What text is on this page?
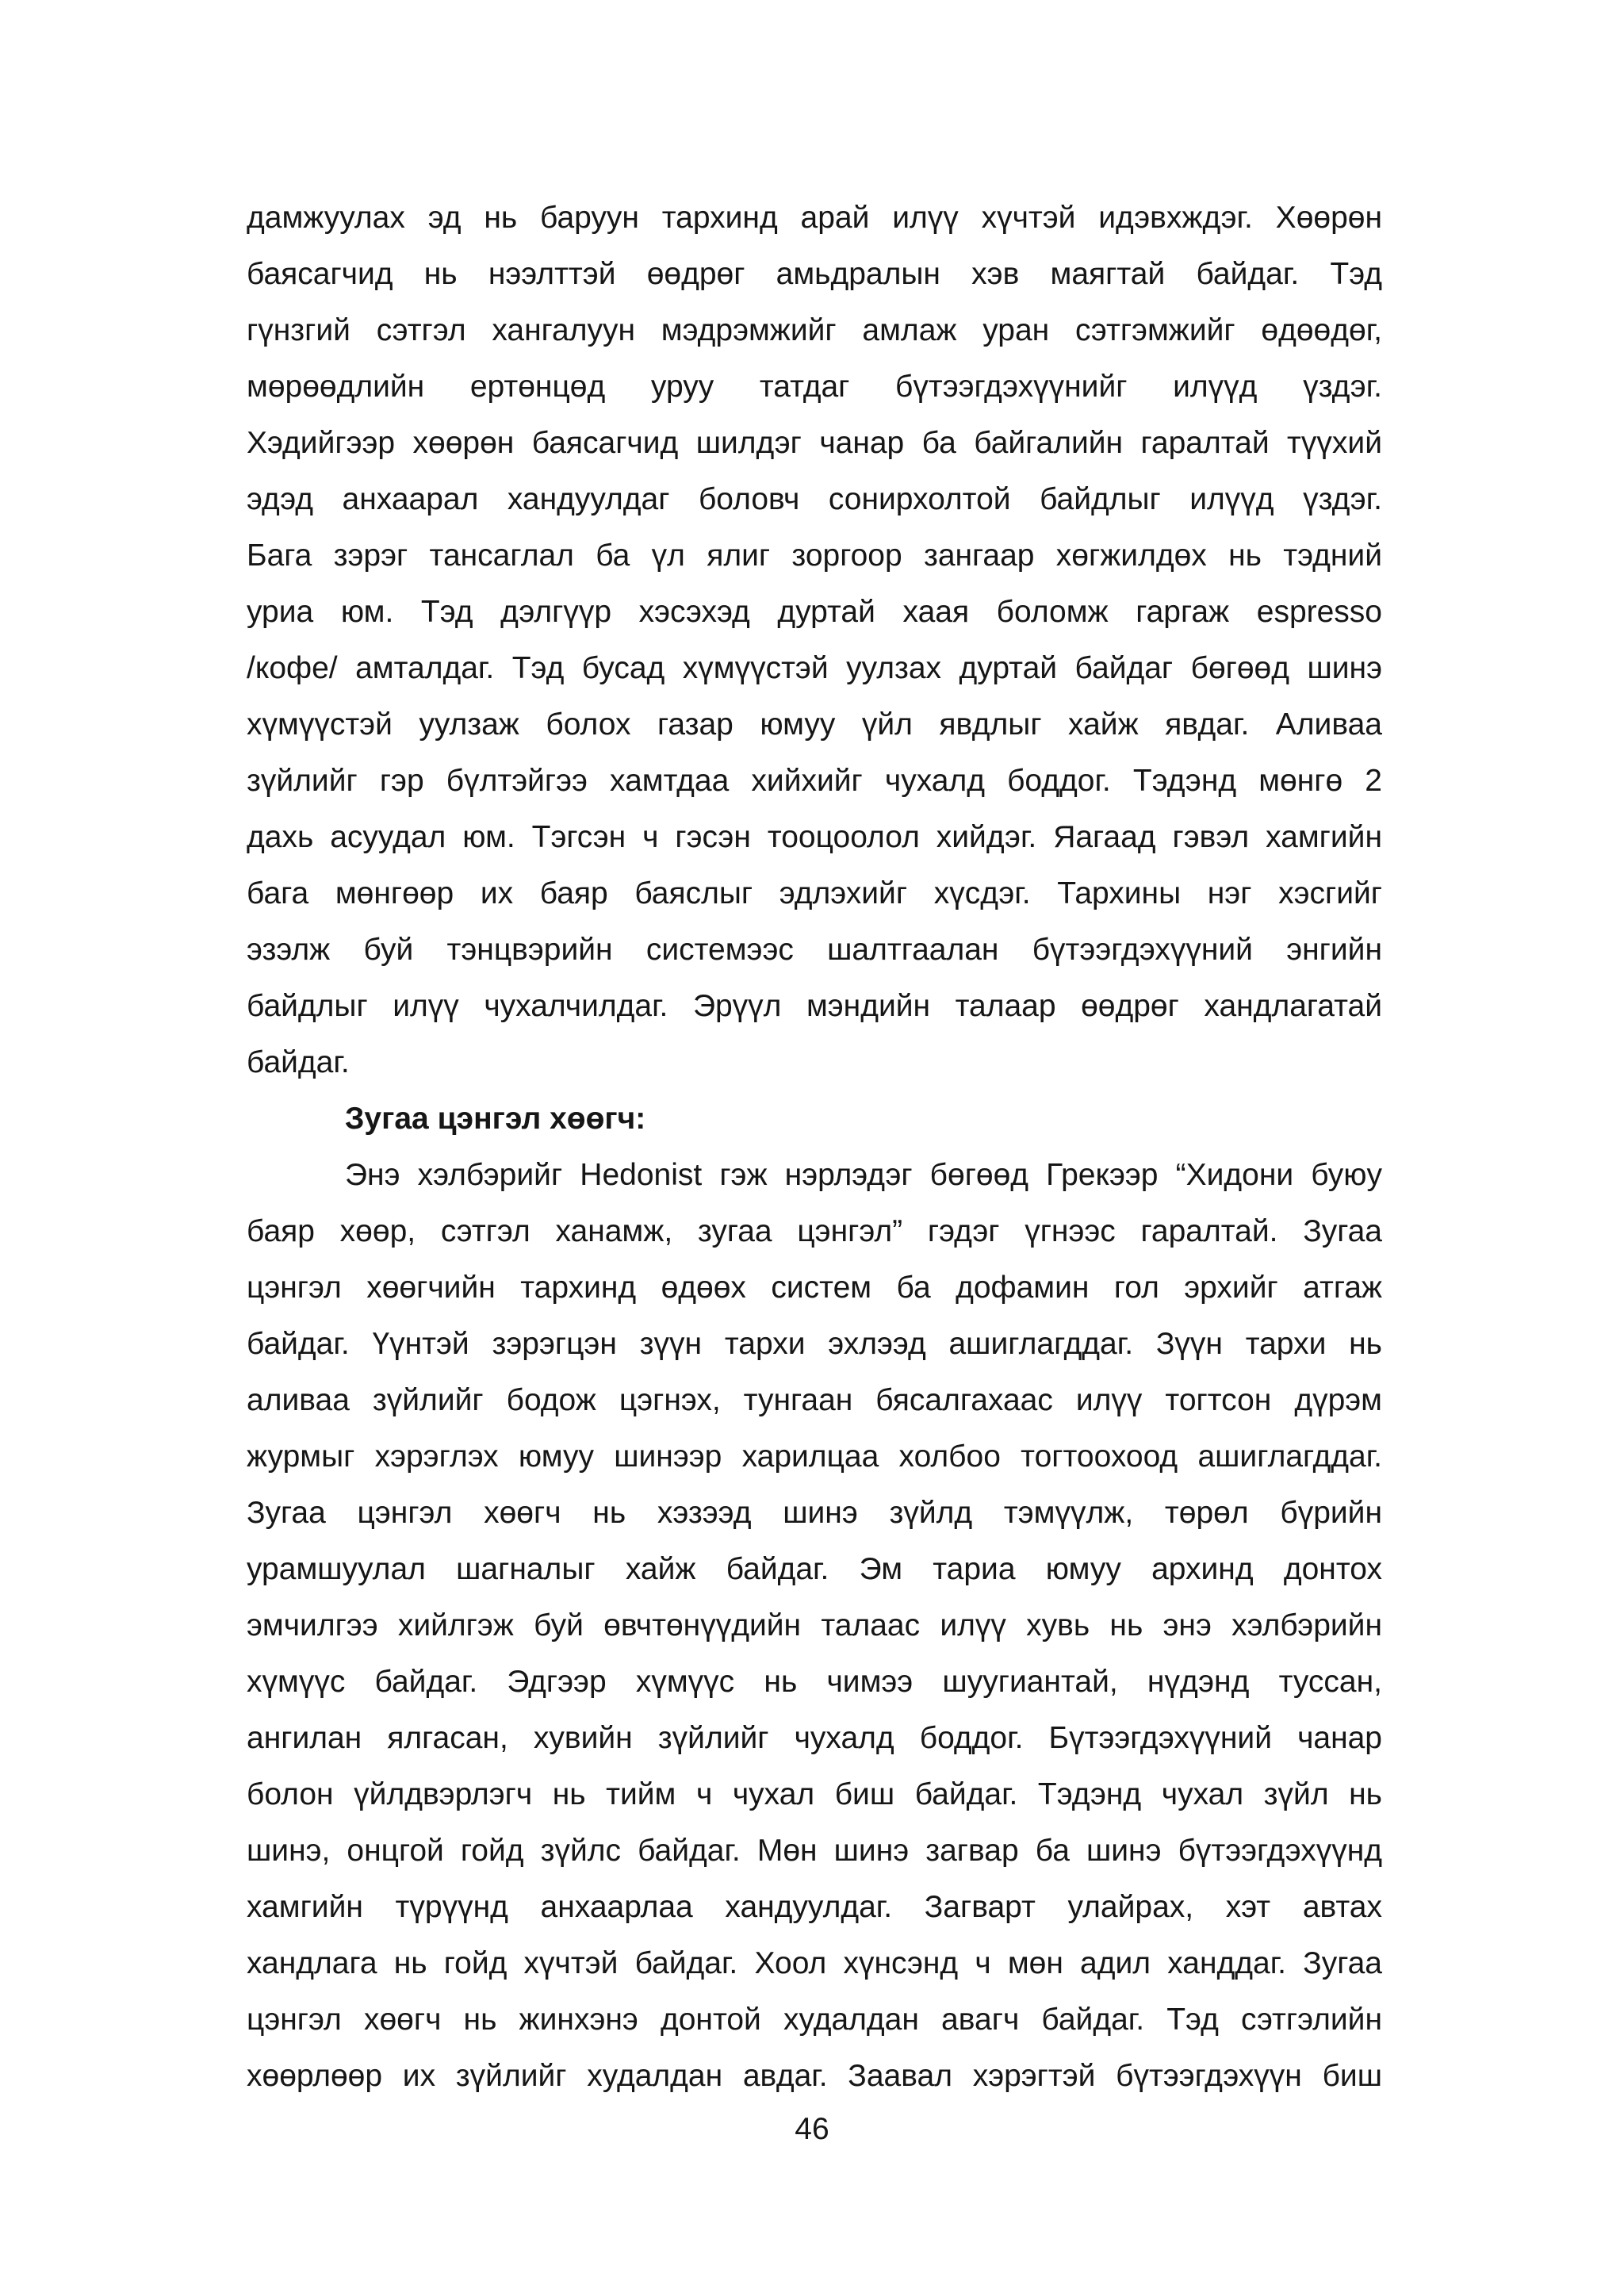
дамжуулах эд нь баруун тархинд арай илүү хүчтэй идэвхждэг. Хөөрөн
баясагчид нь нээлттэй өөдрөг амьдралын хэв маягтай байдаг. Тэд
гүнзгий сэтгэл хангалуун мэдрэмжийг амлаж уран сэтгэмжийг өдөөдөг,
мөрөөдлийн ертөнцөд уруу татдаг бүтээгдэхүүнийг илүүд үздэг.
Хэдийгээр хөөрөн баясагчид шилдэг чанар ба байгалийн гаралтай түүхий
эдэд анхаарал хандуулдаг боловч сонирхолтой байдлыг илүүд үздэг.
Бага зэрэг тансаглал ба үл ялиг зоргоор зангаар хөгжилдөх нь тэдний
уриа юм. Тэд дэлгүүр хэсэхэд дуртай хаая боломж гаргаж espresso
/кофе/ амталдаг. Тэд бусад хүмүүстэй уулзах дуртай байдаг бөгөөд шинэ
хүмүүстэй уулзаж болох газар юмуу үйл явдлыг хайж явдаг. Аливаа
зүйлийг гэр бүлтэйгээ хамтдаа хийхийг чухалд боддог. Тэдэнд мөнгө 2
дахь асуудал юм. Тэгсэн ч гэсэн тооцоолол хийдэг. Яагаад гэвэл хамгийн
бага мөнгөөр их баяр баяслыг эдлэхийг хүсдэг. Тархины нэг хэсгийг
эзэлж буй тэнцвэрийн системээс шалтгаалан бүтээгдэхүүний энгийн
байдлыг илүү чухалчилдаг. Эрүүл мэндийн талаар өөдрөг хандлагатай
байдаг.
Зугаа цэнгэл хөөгч:
Энэ хэлбэрийг Hedonist гэж нэрлэдэг бөгөөд Грекээр “Хидони буюу
баяр хөөр, сэтгэл ханамж, зугаа цэнгэл” гэдэг үгнээс гаралтай. Зугаа
цэнгэл хөөгчийн тархинд өдөөх систем ба дофамин гол эрхийг атгаж
байдаг. Үүнтэй зэрэгцэн зүүн тархи эхлээд ашиглагддаг. Зүүн тархи нь
аливаа зүйлийг бодож цэгнэх, тунгаан бясалгахаас илүү тогтсон дүрэм
журмыг хэрэглэх юмуу шинээр харилцаа холбоо тогтоохоод ашиглагддаг.
Зугаа цэнгэл хөөгч нь хэзээд шинэ зүйлд тэмүүлж, төрөл бүрийн
урамшуулал шагналыг хайж байдаг. Эм тариа юмуу архинд донтох
эмчилгээ хийлгэж буй өвчтөнүүдийн талаас илүү хувь нь энэ хэлбэрийн
хүмүүс байдаг. Эдгээр хүмүүс нь чимээ шуугиантай, нүдэнд туссан,
ангилан ялгасан, хувийн зүйлийг чухалд боддог. Бүтээгдэхүүний чанар
болон үйлдвэрлэгч нь тийм ч чухал биш байдаг. Тэдэнд чухал зүйл нь
шинэ, онцгой гойд зүйлс байдаг. Мөн шинэ загвар ба шинэ бүтээгдэхүүнд
хамгийн түрүүнд анхаарлаа хандуулдаг. Загварт улайрах, хэт автах
хандлага нь гойд хүчтэй байдаг. Хоол хүнсэнд ч мөн адил ханддаг. Зугаа
цэнгэл хөөгч нь жинхэнэ донтой худалдан авагч байдаг. Тэд сэтгэлийн
хөөрлөөр их зүйлийг худалдан авдаг. Заавал хэрэгтэй бүтээгдэхүүн биш
46
